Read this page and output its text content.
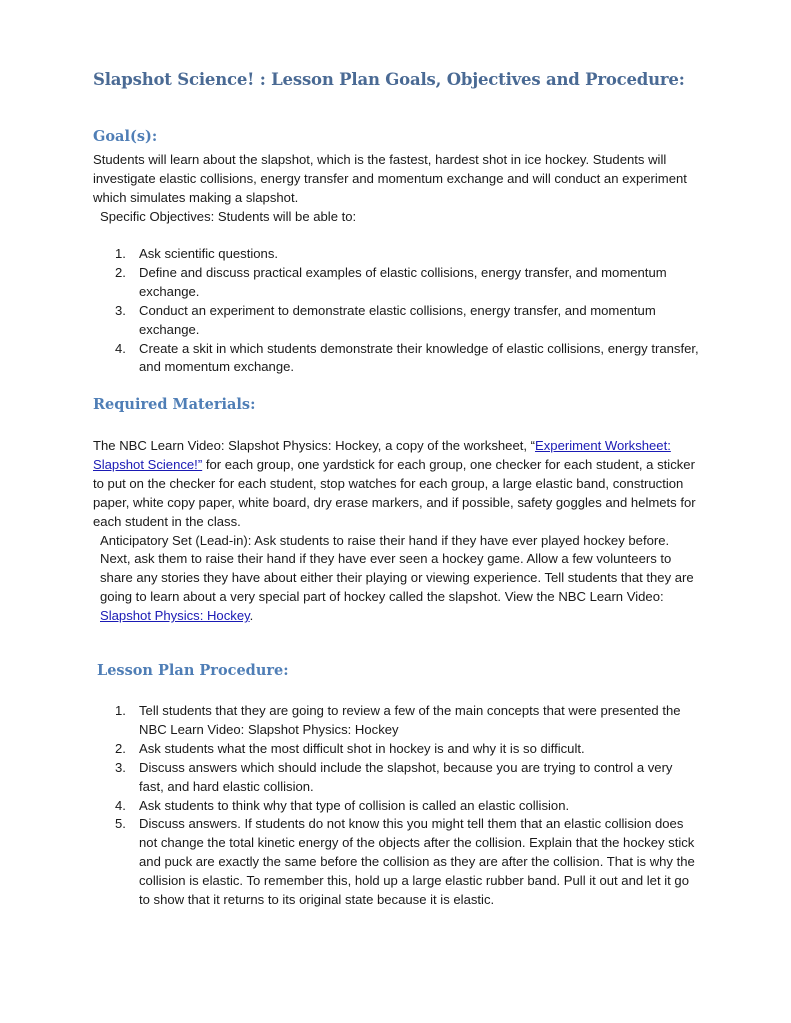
Slapshot Science! : Lesson Plan Goals, Objectives and Procedure:
Goal(s):

Students will learn about the slapshot, which is the fastest, hardest shot in ice hockey. Students will investigate elastic collisions, energy transfer and momentum exchange and will conduct an experiment which simulates making a slapshot.

Specific Objectives: Students will be able to:

1. Ask scientific questions.
2. Define and discuss practical examples of elastic collisions, energy transfer, and momentum exchange.
3. Conduct an experiment to demonstrate elastic collisions, energy transfer, and momentum exchange.
4. Create a skit in which students demonstrate their knowledge of elastic collisions, energy transfer, and momentum exchange.
Required Materials:

The NBC Learn Video: Slapshot Physics: Hockey, a copy of the worksheet, “Experiment Worksheet: Slapshot Science!” for each group, one yardstick for each group, one checker for each student, a sticker to put on the checker for each student, stop watches for each group, a large elastic band, construction paper, white copy paper, white board, dry erase markers, and if possible, safety goggles and helmets for each student in the class.

Anticipatory Set (Lead-in): Ask students to raise their hand if they have ever played hockey before. Next, ask them to raise their hand if they have ever seen a hockey game. Allow a few volunteers to share any stories they have about either their playing or viewing experience. Tell students that they are going to learn about a very special part of hockey called the slapshot. View the NBC Learn Video: Slapshot Physics: Hockey.

Lesson Plan Procedure:
1. Tell students that they are going to review a few of the main concepts that were presented the NBC Learn Video: Slapshot Physics: Hockey
2. Ask students what the most difficult shot in hockey is and why it is so difficult.
3. Discuss answers which should include the slapshot, because you are trying to control a very fast, and hard elastic collision.
4. Ask students to think why that type of collision is called an elastic collision.
5. Discuss answers. If students do not know this you might tell them that an elastic collision does not change the total kinetic energy of the objects after the collision. Explain that the hockey stick and puck are exactly the same before the collision as they are after the collision. That is why the collision is elastic. To remember this, hold up a large elastic rubber band. Pull it out and let it go to show that it returns to its original state because it is elastic.
